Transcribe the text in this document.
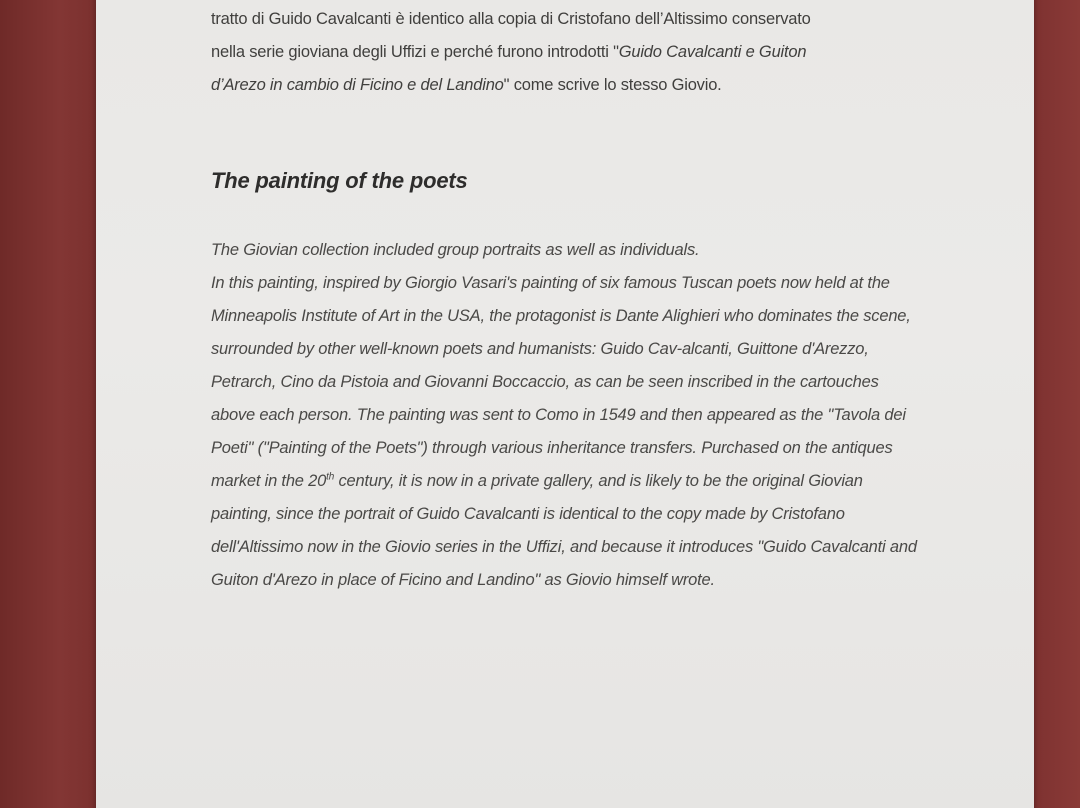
tratto di Guido Cavalcanti è identico alla copia di Cristofano dell’Altissimo conservato

nella serie gioviana degli Uffizi e perché furono introdotti "Guido Cavalcanti e Guiton

d’Arezo in cambio di Ficino e del Landino" come scrive lo stesso Giovio.

The painting of the poets

The Giovian collection included group portraits as well as individuals.

In this painting, inspired by Giorgio Vasari's painting of six famous Tuscan poets now held at the Minneapolis Institute of Art in the USA, the protagonist is Dante Alighieri who dominates the scene, surrounded by other well-known poets and humanists: Guido Cav-alcanti, Guittone d'Arezzo, Petrarch, Cino da Pistoia and Giovanni Boccaccio, as can be seen inscribed in the cartouches above each person. The painting was sent to Como in 1549 and then appeared as the "Tavola dei Poeti" ("Painting of the Poets") through various inheritance transfers. Purchased on the antiques market in the 20th century, it is now in a private gallery, and is likely to be the original Giovian painting, since the portrait of Guido Cavalcanti is identical to the copy made by Cristofano dell'Altissimo now in the Giovio series in the Uffizi, and because it introduces "Guido Cavalcanti and Guiton d'Arezo in place of Ficino and Landino" as Giovio himself wrote.
